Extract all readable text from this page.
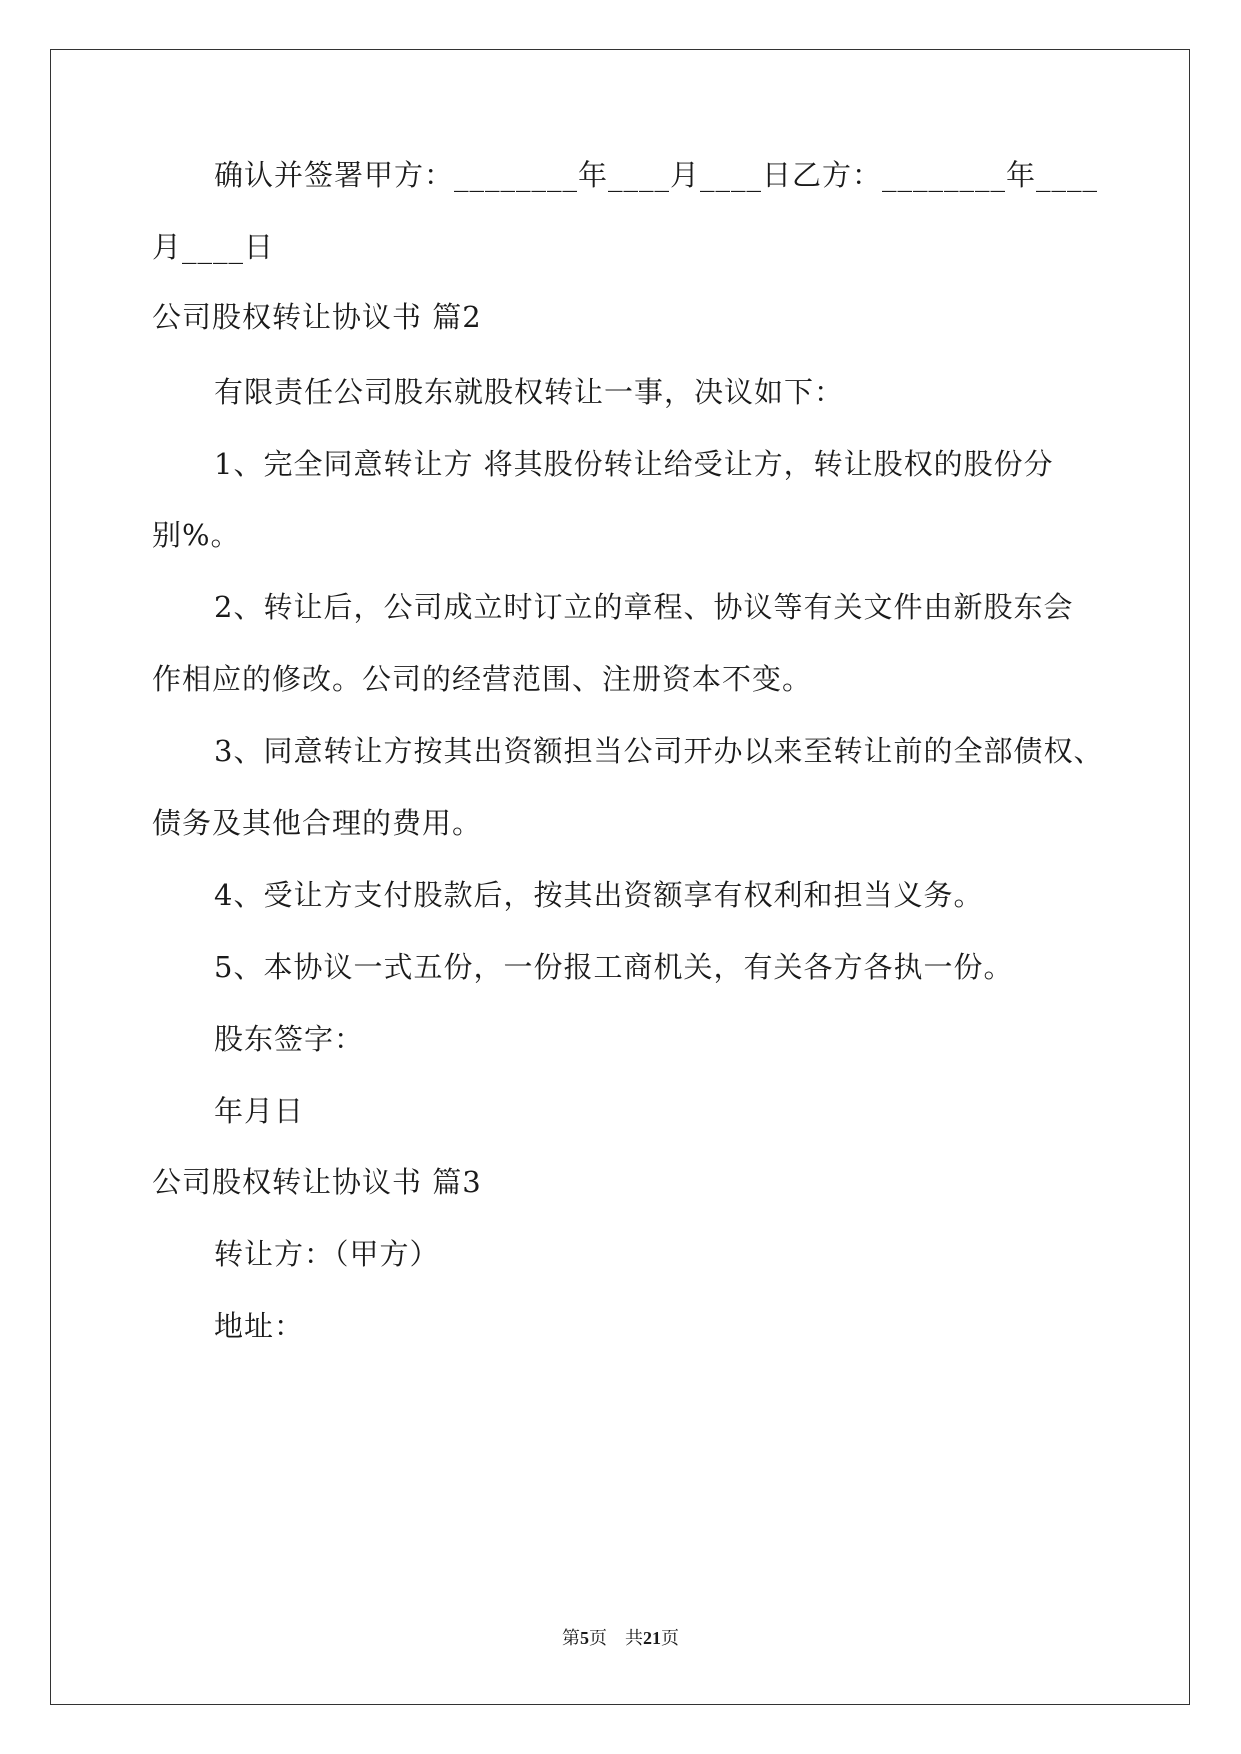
确认并签署甲方：________年____月____日乙方：________年____
月____日
公司股权转让协议书 篇2
有限责任公司股东就股权转让一事，决议如下：
1、完全同意转让方 将其股份转让给受让方，转让股权的股份分
别%。
2、转让后，公司成立时订立的章程、协议等有关文件由新股东会
作相应的修改。公司的经营范围、注册资本不变。
3、同意转让方按其出资额担当公司开办以来至转让前的全部债权、
债务及其他合理的费用。
4、受让方支付股款后，按其出资额享有权利和担当义务。
5、本协议一式五份，一份报工商机关，有关各方各执一份。
股东签字：
年月日
公司股权转让协议书 篇3
转让方：（甲方）
地址：
第5页 共21页
